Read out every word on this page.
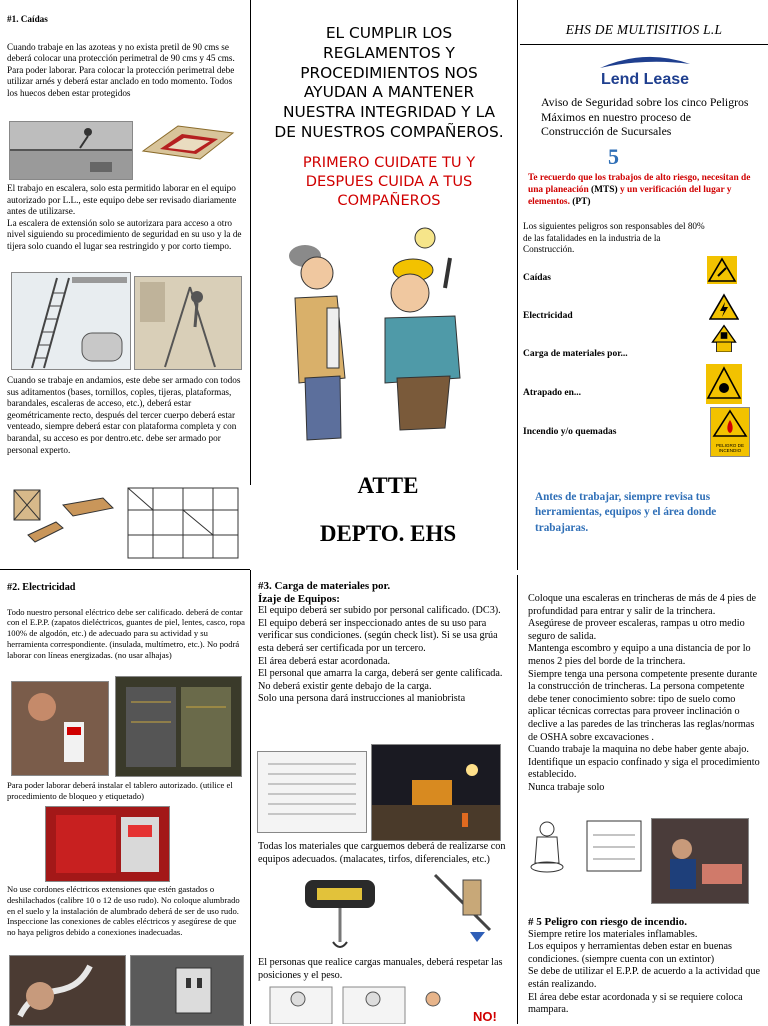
#1. Caídas

Cuando trabaje en las azoteas y no exista pretil de 90 cms se deberá colocar una protección perimetral de 90 cms y 45 cms. Para poder laborar. Para colocar la protección perimetral debe utilizar arnés y deberá estar anclado en todo momento. Todos los huecos deben estar protegidos

El trabajo en escalera, solo esta permitido laborar en el equipo autorizado por L.L., este equipo debe ser revisado diariamente antes de utilizarse.

La escalera de extensión solo se autorizara para acceso a otro nivel siguiendo su procedimiento de seguridad en su uso y la de tijera solo cuando el lugar sea restringido y por corto tiempo.

Cuando se trabaje en andamios, este debe ser armado con todos sus aditamentos (bases, tornillos, coples, tijeras, plataformas, barandales, escaleras de acceso, etc.), deberá estar geométricamente recto, después del tercer cuerpo deberá estar venteado, siempre deberá estar con plataforma completa y con barandal, su acceso es por dentro.etc. debe ser armado por personal experto.

#2. Electricidad

Todo nuestro personal eléctrico debe ser calificado. deberá de contar con el E.P.P. (zapatos dieléctricos, guantes de piel, lentes, casco, ropa 100% de algodón, etc.) de adecuado para su actividad y su herramienta correspondiente. (insulada, multímetro, etc.). No podrá laborar con líneas energizadas. (no usar alhajas)

Para poder laborar deberá instalar el tablero autorizado. (utilice el procedimiento de bloqueo y etiquetado)

No use cordones eléctricos extensiones que estén gastados o deshilachados (calibre 10 o 12 de uso rudo). No coloque alumbrado en el suelo y la instalación de alumbrado deberá de ser de uso rudo.

Inspeccione las conexiones de cables eléctricos y asegúrese de que no haya peligros debido a conexiones inadecuadas.

EL CUMPLIR LOS REGLAMENTOS Y PROCEDIMIENTOS NOS AYUDAN A MANTENER NUESTRA INTEGRIDAD Y LA DE NUESTROS COMPAÑEROS.

PRIMERO CUIDATE TU Y DESPUES CUIDA A TUS COMPAÑEROS

ATTE
DEPTO. EHS
#3. Carga de materiales por.
Ízaje de Equipos:

El equipo deberá ser subido por personal calificado. (DC3).

El equipo deberá ser inspeccionado antes de su uso para verificar sus condiciones. (según check list). Si se usa grúa esta deberá ser certificada por un tercero.

El área deberá estar acordonada.

El personal que amarra la carga, deberá ser gente calificada.

No deberá existir gente debajo de la carga.

Solo una persona dará instrucciones al maniobrista

Todas los materiales que carguemos deberá de realizarse con equipos adecuados. (malacates, tirfos, diferenciales, etc.)

El personas que realice cargas manuales, deberá respetar las posiciones y el peso.

NO!
EHS DE MULTISITIOS L.L
Lend Lease

Aviso de Seguridad sobre los cinco Peligros Máximos en nuestro proceso de Construcción de Sucursales

5
Te recuerdo que los trabajos de alto riesgo, necesitan de una planeación (MTS) y un verificación del lugar y elementos. (PT)

Los siguientes peligros son responsables del 80% de las fatalidades en la industria de la Construcción.

Caídas
Electricidad
Carga de materiales por...
Atrapado en...
Incendio y/o quemadas
PELIGRO DE INCENDIO

Antes de trabajar, siempre revisa tus herramientas, equipos y el área donde trabajaras.

Coloque una escaleras en trincheras de más de 4 pies de profundidad para entrar y salir de la trinchera.

Asegúrese de proveer escaleras, rampas u otro medio seguro de salida.

Mantenga escombro y equipo a una distancia de por lo menos 2 pies del borde de la trinchera.

Siempre tenga una persona competente presente durante la construcción de trincheras. La persona competente debe tener conocimiento sobre: tipo de suelo como aplicar técnicas correctas para proveer inclinación o declive a las paredes de las trincheras las reglas/normas de OSHA sobre excavaciones .

Cuando trabaje la maquina no debe haber gente abajo.

Identifique un espacio confinado y siga el procedimiento establecido.

Nunca trabaje solo

# 5 Peligro con riesgo de incendio.

Siempre retire los materiales inflamables.

Los equipos y herramientas deben estar en buenas condiciones. (siempre cuenta con un extintor)

Se debe de utilizar el E.P.P. de acuerdo a la actividad que están realizando.

El área debe estar acordonada y si se requiere coloca mampara.
